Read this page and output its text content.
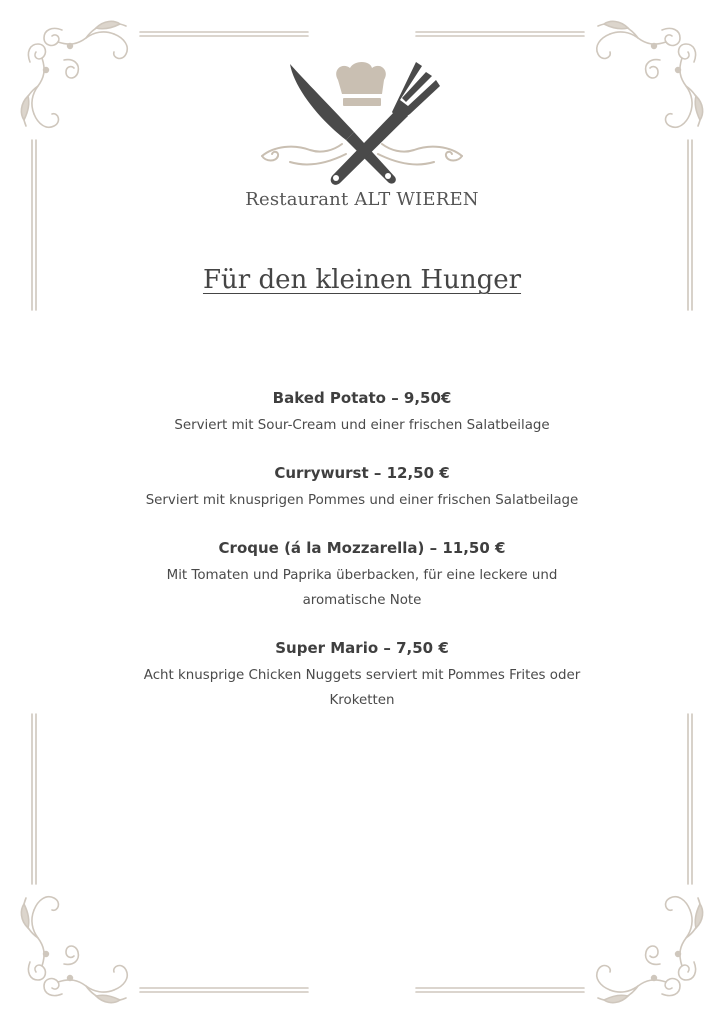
Restaurant ALT WIEREN
Für den kleinen Hunger
Baked Potato – 9,50€
Serviert mit Sour-Cream und einer frischen Salatbeilage
Currywurst – 12,50 €
Serviert mit knusprigen Pommes und einer frischen Salatbeilage
Croque (á la Mozzarella) – 11,50 €
Mit Tomaten und Paprika überbacken, für eine leckere und aromatische Note
Super Mario – 7,50 €
Acht knusprige Chicken Nuggets serviert mit Pommes Frites oder Kroketten
